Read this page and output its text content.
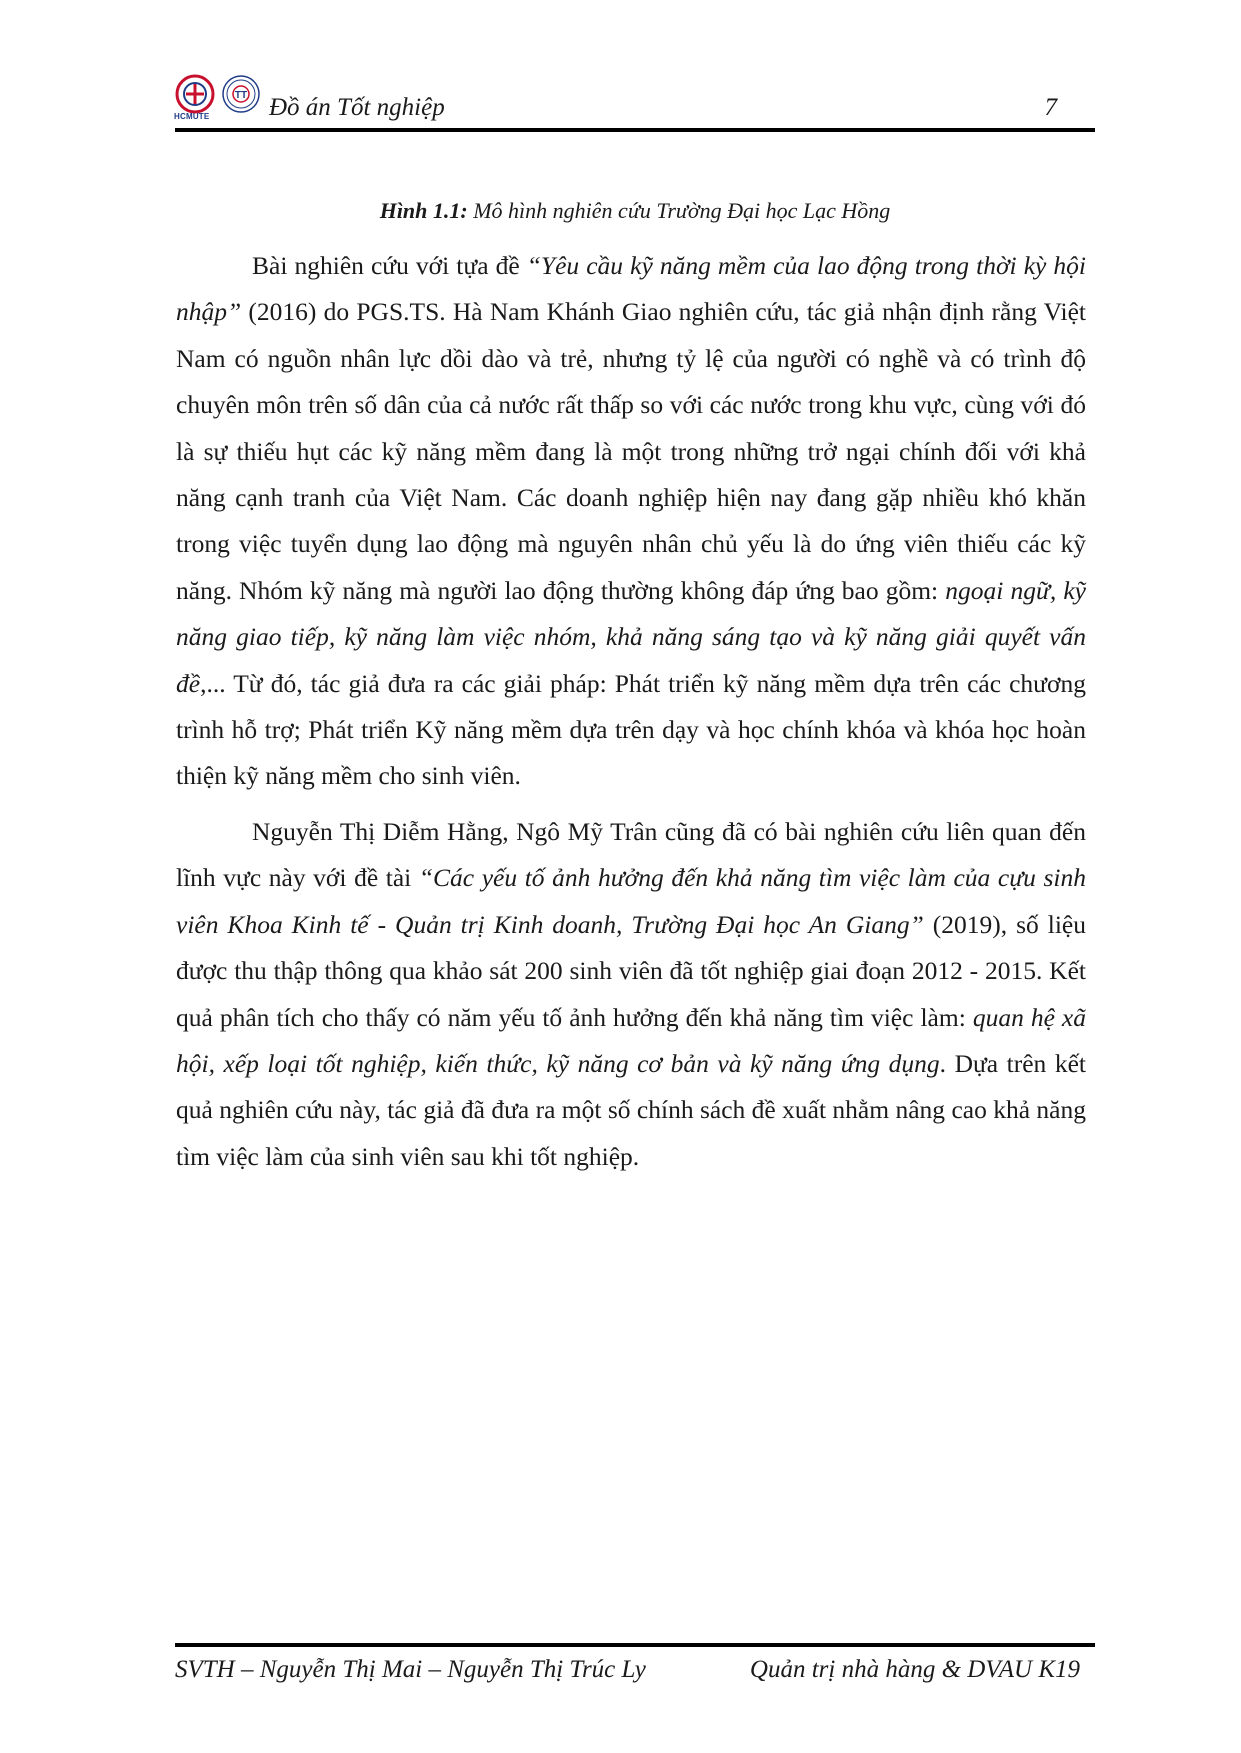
HCMUTE
TT Đồ án Tốt nghiệp	7
Hình 1.1: Mô hình nghiên cứu Trường Đại học Lạc Hồng

Bài nghiên cứu với tựa đề “Yêu cầu kỹ năng mềm của lao động trong thời kỳ hội nhập” (2016) do PGS.TS. Hà Nam Khánh Giao nghiên cứu, tác giả nhận định rằng Việt Nam có nguồn nhân lực dồi dào và trẻ, nhưng tỷ lệ của người có nghề và có trình độ chuyên môn trên số dân của cả nước rất thấp so với các nước trong khu vực, cùng với đó là sự thiếu hụt các kỹ năng mềm đang là một trong những trở ngại chính đối với khả năng cạnh tranh của Việt Nam. Các doanh nghiệp hiện nay đang gặp nhiều khó khăn trong việc tuyển dụng lao động mà nguyên nhân chủ yếu là do ứng viên thiếu các kỹ năng. Nhóm kỹ năng mà người lao động thường không đáp ứng bao gồm: ngoại ngữ, kỹ năng giao tiếp, kỹ năng làm việc nhóm, khả năng sáng tạo và kỹ năng giải quyết vấn đề,... Từ đó, tác giả đưa ra các giải pháp: Phát triển kỹ năng mềm dựa trên các chương trình hỗ trợ; Phát triển Kỹ năng mềm dựa trên dạy và học chính khóa và khóa học hoàn thiện kỹ năng mềm cho sinh viên.

Nguyễn Thị Diễm Hằng, Ngô Mỹ Trân cũng đã có bài nghiên cứu liên quan đến lĩnh vực này với đề tài “Các yếu tố ảnh hưởng đến khả năng tìm việc làm của cựu sinh viên Khoa Kinh tế - Quản trị Kinh doanh, Trường Đại học An Giang” (2019), số liệu được thu thập thông qua khảo sát 200 sinh viên đã tốt nghiệp giai đoạn 2012 - 2015. Kết quả phân tích cho thấy có năm yếu tố ảnh hưởng đến khả năng tìm việc làm: quan hệ xã hội, xếp loại tốt nghiệp, kiến thức, kỹ năng cơ bản và kỹ năng ứng dụng. Dựa trên kết quả nghiên cứu này, tác giả đã đưa ra một số chính sách đề xuất nhằm nâng cao khả năng tìm việc làm của sinh viên sau khi tốt nghiệp.

SVTH – Nguyễn Thị Mai – Nguyễn Thị Trúc Ly	Quản trị nhà hàng & DVAU K19
